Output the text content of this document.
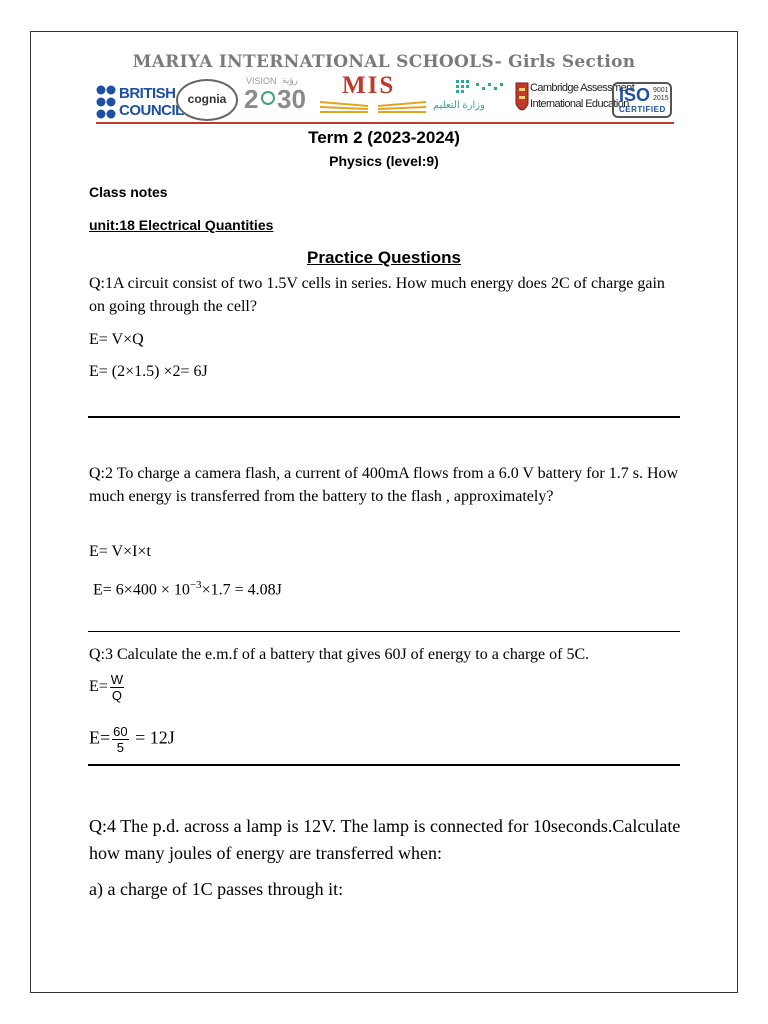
MARIYA INTERNATIONAL SCHOOLS- Girls Section
BRITISH
COUNCIL
cognia
VISION رؤية
2 30 MIS
وزارة التعليم
Cambridge Assessment
International Education
ISO 9001
2015
CERTIFIED
Term 2 (2023-2024)
Physics (level:9)
Class notes
unit:18 Electrical Quantities
Practice Questions
Q:1A circuit consist of two 1.5V cells in series. How much energy does 2C of charge gain on going through the cell?
E= V×Q
E= (2×1.5) ×2= 6J
Q:2 To charge a camera flash, a current of 400mA flows from a 6.0 V battery for 1.7 s. How much energy is transferred from the battery to the flash , approximately?
E= V×I×t
$E= 6\times 400 \times 10^{-3}\times 1.7 = 4.08J$
Q:3 Calculate the e.m.f of a battery that gives 60J of energy to a charge of 5C.
$E= \frac{W}{Q}$
$E= \frac{60}{5} = 12J$
Q:4 The p.d. across a lamp is 12V. The lamp is connected for 10seconds.Calculate how many joules of energy are transferred when:
a) a charge of 1C passes through it:
